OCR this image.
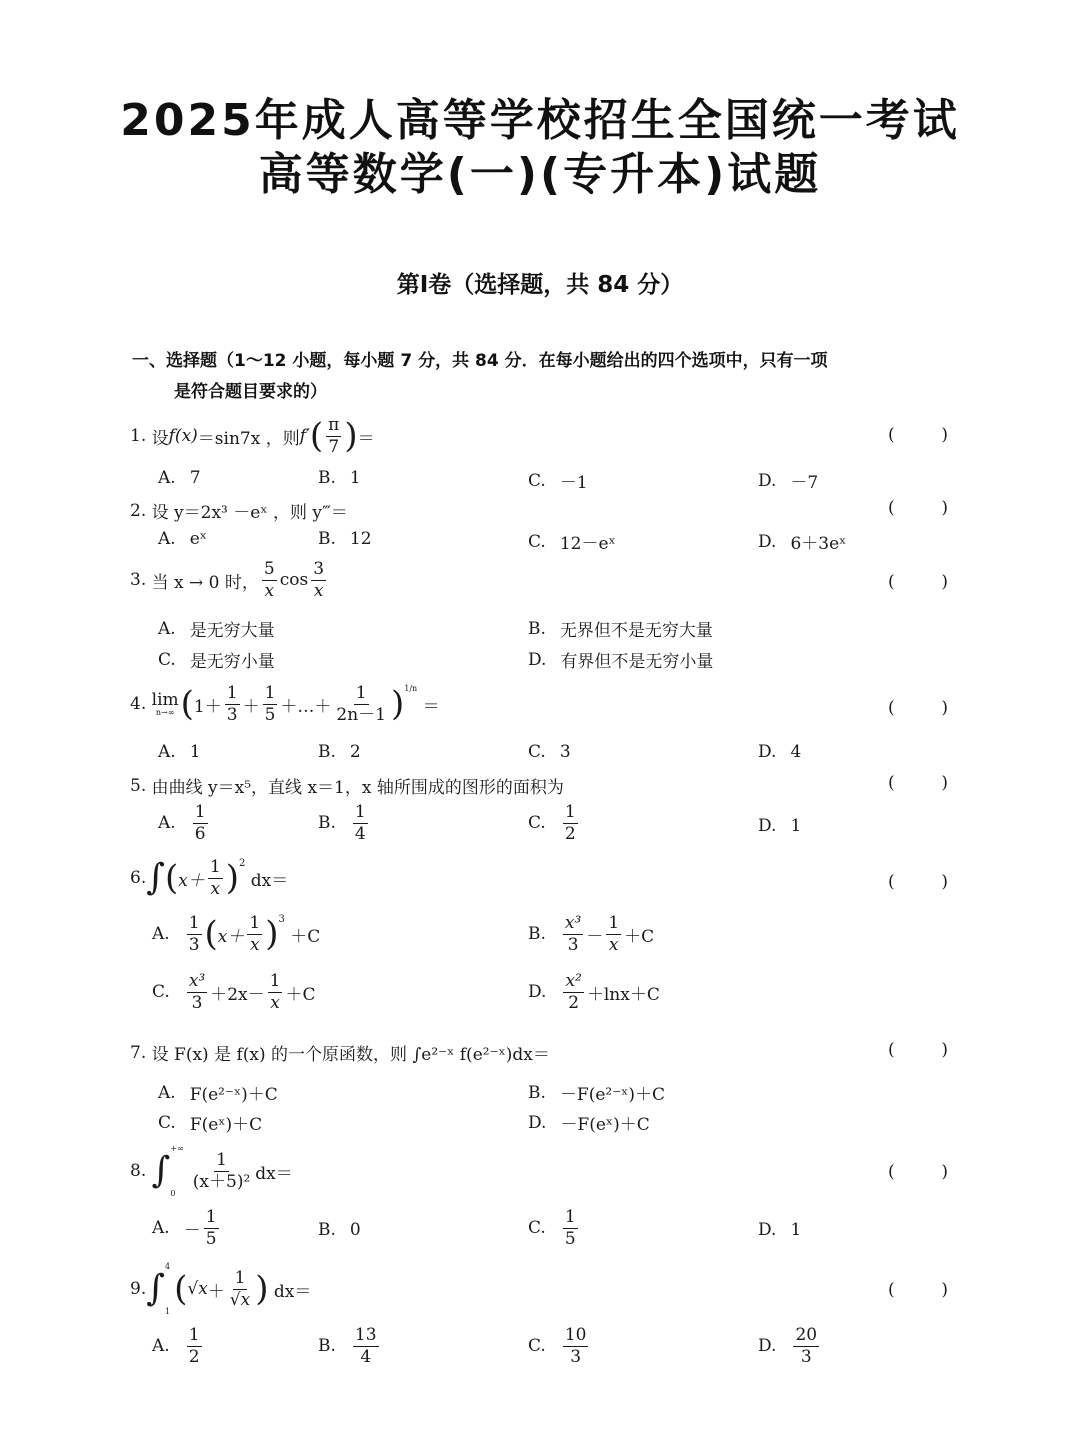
2025年成人高等学校招生全国统一考试
高等数学(一)(专升本)试题
第Ⅰ卷（选择题，共 84 分）
一、选择题（1～12 小题，每小题 7 分，共 84 分．在每小题给出的四个选项中，只有一项
是符合题目要求的）
1.
设 f(x) ＝sin7x ，则 f′ ( $\frac{\pi}{7}$ ) ＝	(	)
A. 7	B. 1	C. －1	D. －7
2.
设 y＝2x³ －eˣ ，则 y‴＝	(	)
A. eˣ	B. 12	C. 12－eˣ	D. 6＋3eˣ
3.
当 x → 0 时， $\frac{5}{x}$ $\cos \frac{3}{x}$	(	)
A. 是无穷大量	B. 无界但不是无穷大量
C. 是无穷小量	D. 有界但不是无穷小量
4.
lim
n→∞ ( $1+ \frac{1}{3} + \frac{1}{5}$ ＋…＋ $\frac{1}{2n-1} )^{1/n}$

＝	(	)
A. 1	B. 2	C. 3	D. 4
5.
由曲线 y＝x⁵，直线 x＝1，x 轴所围成的图形的面积为	(	)
A. $\frac{1}{6}$	B. $\frac{1}{4}$	C. $\frac{1}{2}$	D. 1
6. ∫ ( $x+ \frac{1}{x} )^2$

dx＝	(	)
A. $\frac{1}{3}$ ( $x+ \frac{1}{x} )^3$

＋C	B. $\frac{\text{x³}}{3} - \frac{1}{x} +C$
C. $\frac{\text{x³}}{3} +2x- \frac{1}{x} +C$	D. $\frac{\text{x²}}{2} +\ln x+C$
7.
设 F(x) 是 f(x) 的一个原函数，则 ∫e²⁻ˣ f(e²⁻ˣ)dx＝	(	)
A. F(e²⁻ˣ)＋C	B. －F(e²⁻ˣ)＋C
C. F(eˣ)＋C	D. －F(eˣ)＋C
8.
∫
+∞
0
$\frac{1}{\text{(x＋5)²}} dx=$	(	)
A. － $\frac{1}{5}$	B. 0	C. $\frac{1}{5}$	D. 1
9. ∫
4
1
( $√x + \frac{1}{√x}$ )
dx＝	(	)
A. $\frac{1}{2}$	B. $\frac{13}{4}$	C. $\frac{10}{3}$	D. $\frac{20}{3}$
